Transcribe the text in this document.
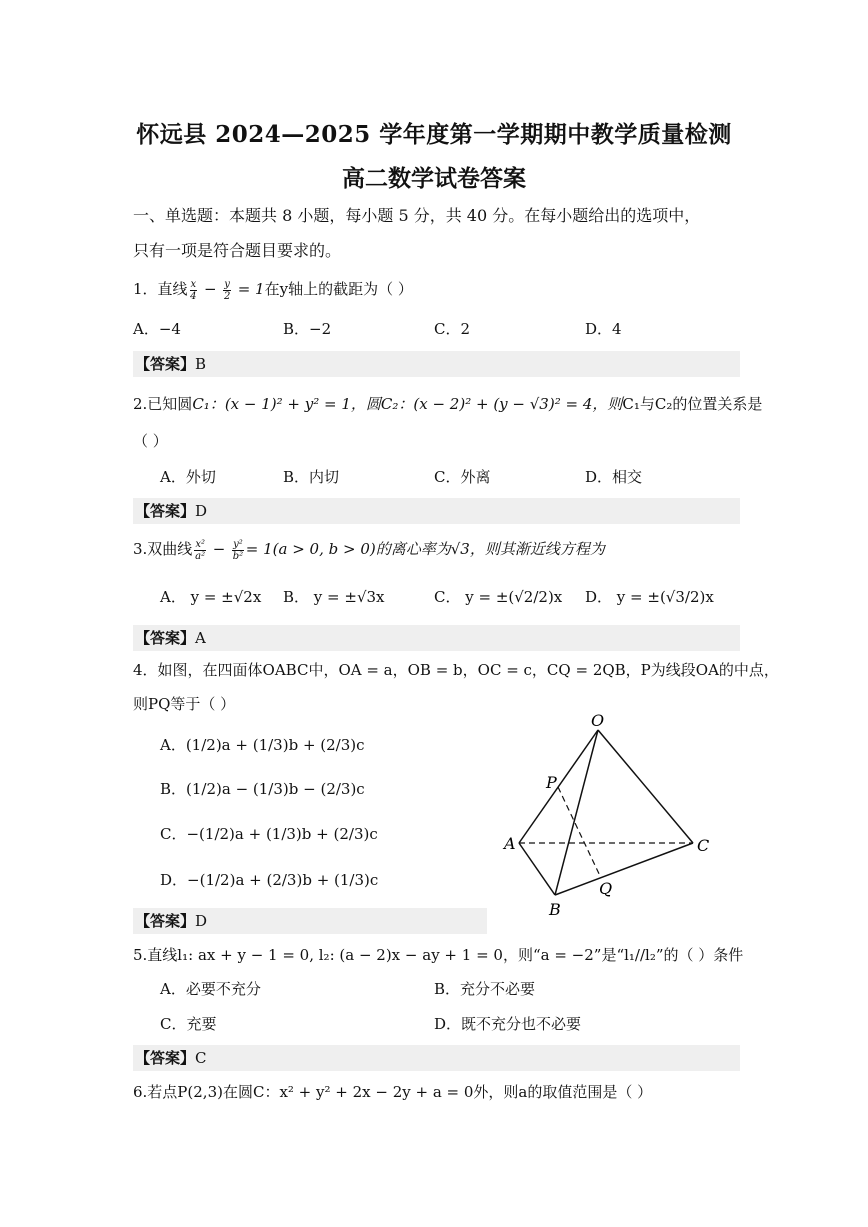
怀远县 2024—2025 学年度第一学期期中教学质量检测
高二数学试卷答案
一、单选题：本题共 8 小题，每小题 5 分，共 40 分。在每小题给出的选项中，
只有一项是符合题目要求的。
1．直线 $\frac{x}{4} - \frac{y}{2} = 1$在y轴上的截距为（ ）
A．−4	B．−2	C．2	D．4
【答案】B
2.已知圆C₁：(x − 1)² + y² = 1，圆C₂：(x − 2)² + (y − √3)² = 4，则C₁与C₂的位置关系是
（ ）
A．外切	B．内切	C．外离	D．相交
【答案】D
3.双曲线 $\frac{\text{x²}}{\text{a²}} - \frac{\text{y²}}{\text{b²}} = 1(a > 0$, b > 0)的离心率为√3，则其渐近线方程为
A． y = ±√2x B． y = ±√3x	C． y = ±(√2/2)x D． y = ±(√3/2)x
【答案】A
4．如图，在四面体OABC中，OA = a，OB = b，OC = c，CQ = 2QB，P为线段OA的中点，
则PQ等于（ ）
A．(1/2)a + (1/3)b + (2/3)c
B．(1/2)a − (1/3)b − (2/3)c
C．−(1/2)a + (1/3)b + (2/3)c
D．−(1/2)a + (2/3)b + (1/3)c
【答案】D
O
P
A	C
Q
B
5.直线l₁: ax + y − 1 = 0, l₂: (a − 2)x − ay + 1 = 0，则“a = −2”是“l₁//l₂”的（ ）条件
A．必要不充分	B．充分不必要
C．充要	D．既不充分也不必要
【答案】C
6.若点P(2,3)在圆C：x² + y² + 2x − 2y + a = 0外，则a的取值范围是（ ）
